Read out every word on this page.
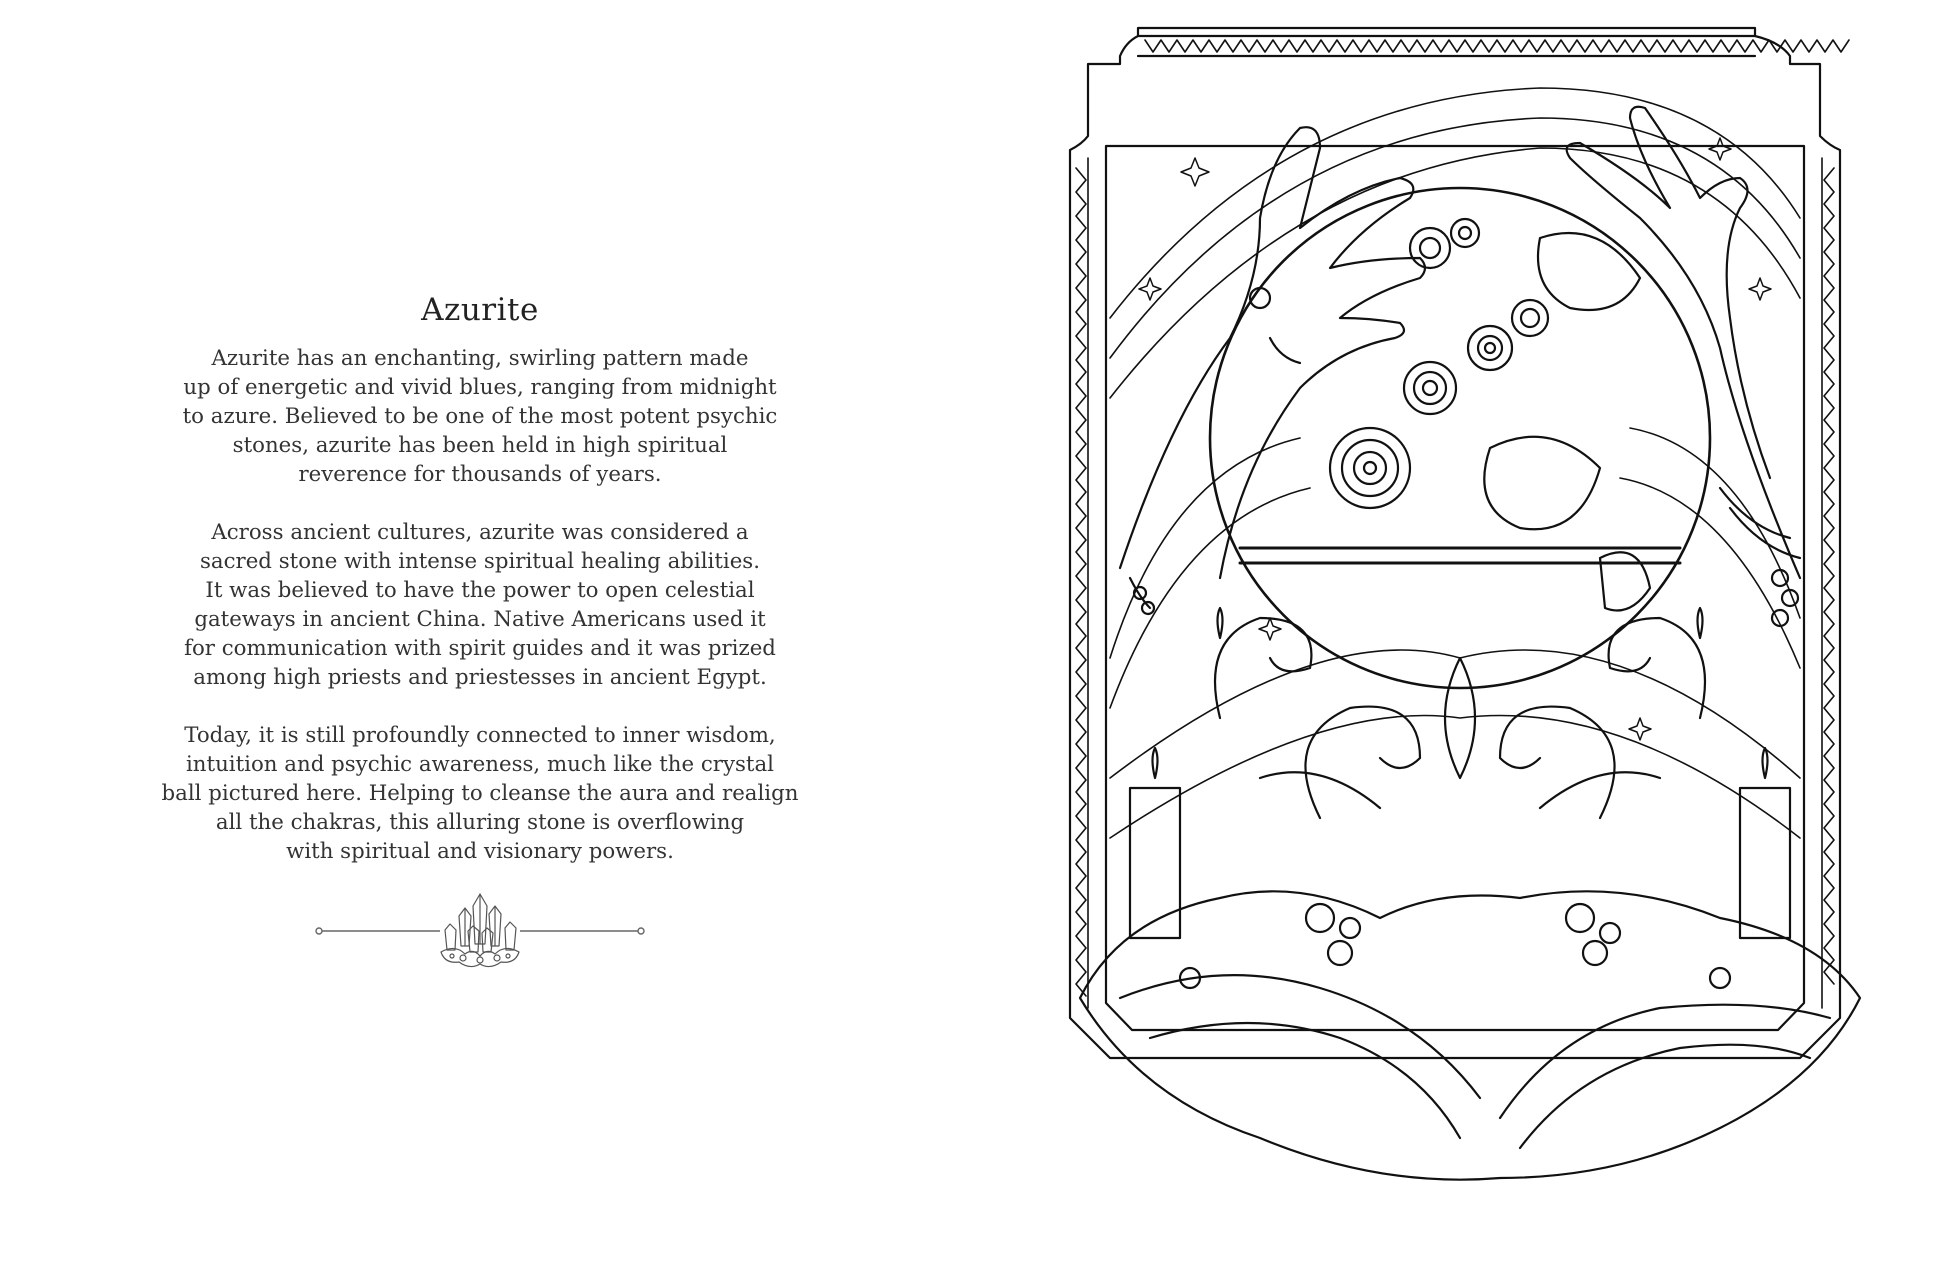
Azurite

Azurite has an enchanting, swirling pattern made
up of energetic and vivid blues, ranging from midnight
to azure. Believed to be one of the most potent psychic
stones, azurite has been held in high spiritual
reverence for thousands of years.

Across ancient cultures, azurite was considered a
sacred stone with intense spiritual healing abilities.
It was believed to have the power to open celestial
gateways in ancient China. Native Americans used it
for communication with spirit guides and it was prized
among high priests and priestesses in ancient Egypt.

Today, it is still profoundly connected to inner wisdom,
intuition and psychic awareness, much like the crystal
ball pictured here. Helping to cleanse the aura and realign
all the chakras, this alluring stone is overflowing
with spiritual and visionary powers.
